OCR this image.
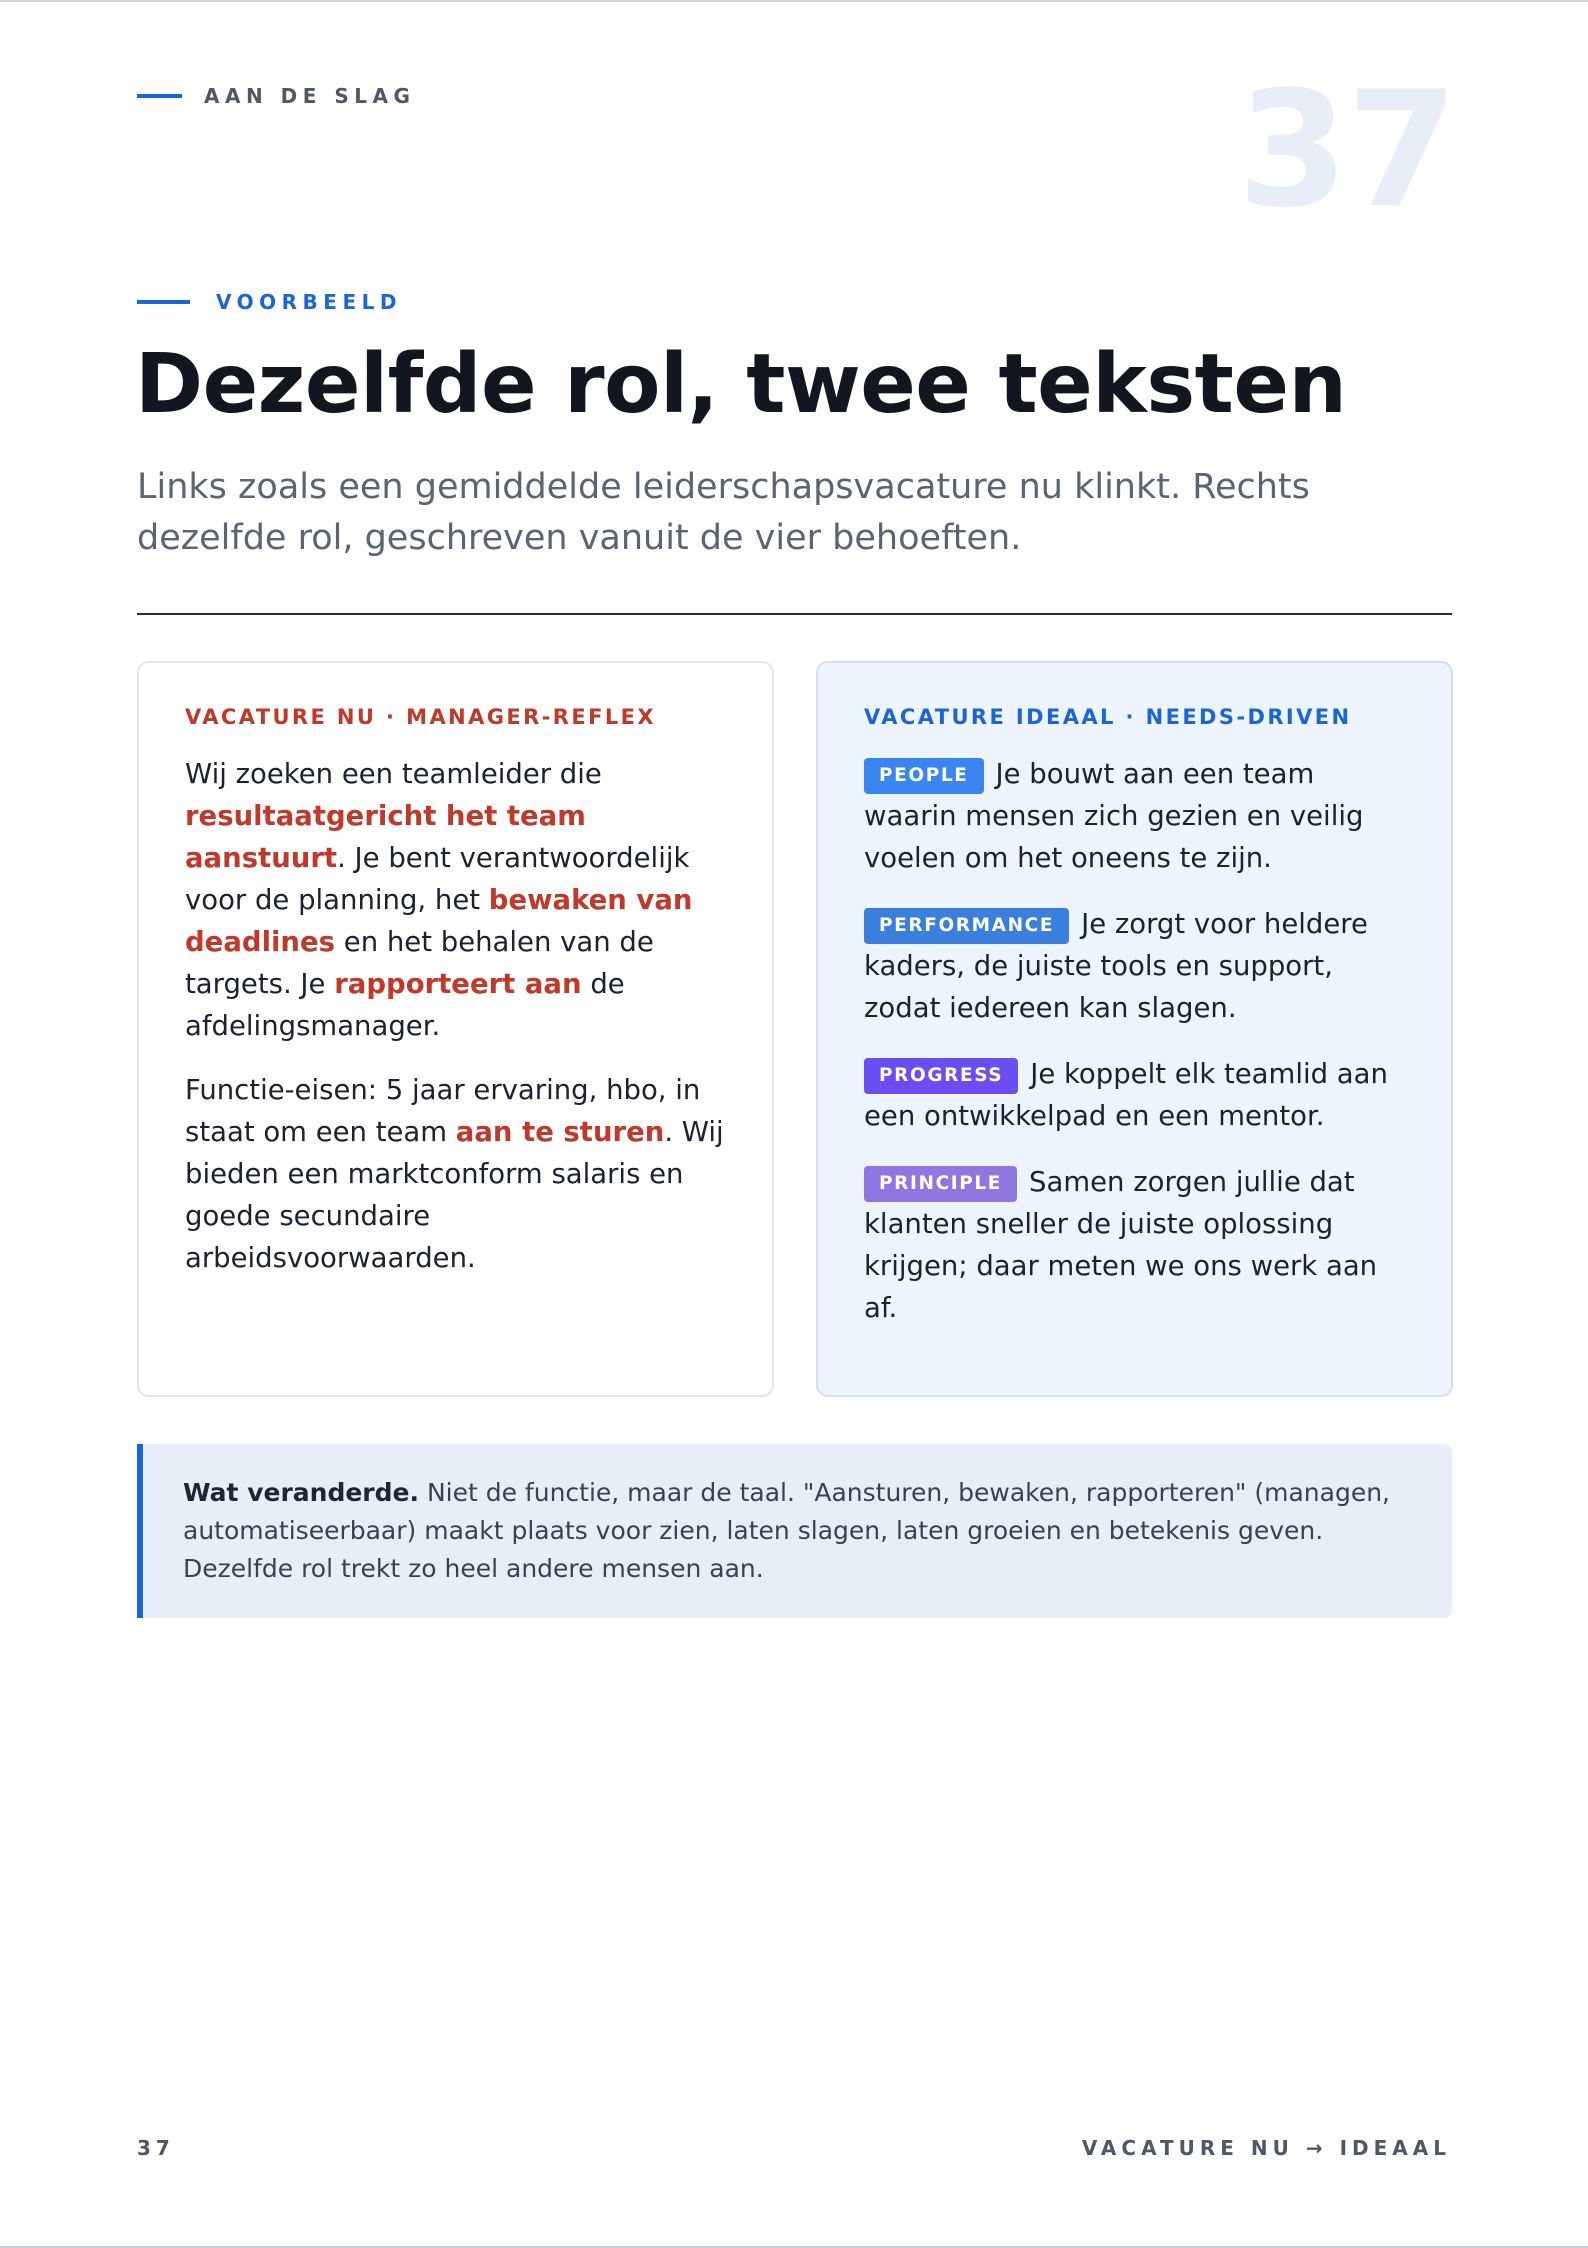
AAN DE SLAG	37
VOORBEELD
Dezelfde rol, twee teksten

Links zoals een gemiddelde leiderschapsvacature nu klinkt. Rechts dezelfde rol, geschreven vanuit de vier behoeften.

VACATURE NU · MANAGER-REFLEX

Wij zoeken een teamleider die resultaatgericht het team aanstuurt. Je bent verantwoordelijk voor de planning, het bewaken van deadlines en het behalen van de targets. Je rapporteert aan de afdelingsmanager.

Functie-eisen: 5 jaar ervaring, hbo, in staat om een team aan te sturen. Wij bieden een marktconform salaris en goede secundaire arbeidsvoorwaarden.

VACATURE IDEAAL · NEEDS-DRIVEN

PEOPLE Je bouwt aan een team waarin mensen zich gezien en veilig voelen om het oneens te zijn.

PERFORMANCE Je zorgt voor heldere kaders, de juiste tools en support, zodat iedereen kan slagen.

PROGRESS Je koppelt elk teamlid aan een ontwikkelpad en een mentor.

PRINCIPLE Samen zorgen jullie dat klanten sneller de juiste oplossing krijgen; daar meten we ons werk aan af.

Wat veranderde. Niet de functie, maar de taal. "Aansturen, bewaken, rapporteren" (managen, automatiseerbaar) maakt plaats voor zien, laten slagen, laten groeien en betekenis geven. Dezelfde rol trekt zo heel andere mensen aan.
37	VACATURE NU → IDEAAL
